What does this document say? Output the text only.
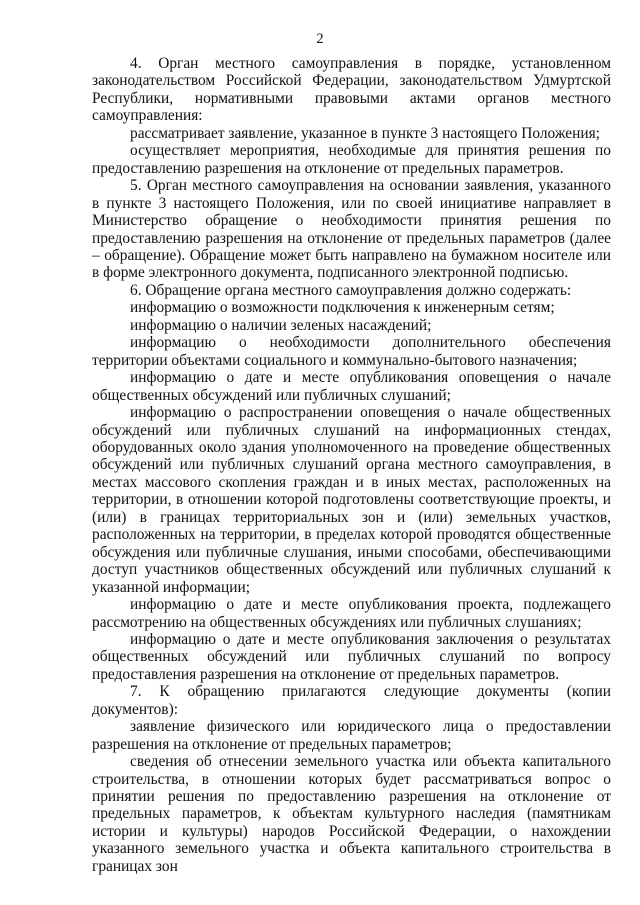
2

4. Орган местного самоуправления в порядке, установленном законодательством Российской Федерации, законодательством Удмуртской Республики, нормативными правовыми актами органов местного самоуправления:

рассматривает заявление, указанное в пункте 3 настоящего Положения;

осуществляет мероприятия, необходимые для принятия решения по предоставлению разрешения на отклонение от предельных параметров.

5. Орган местного самоуправления на основании заявления, указанного в пункте 3 настоящего Положения, или по своей инициативе направляет в Министерство обращение о необходимости принятия решения по предоставлению разрешения на отклонение от предельных параметров (далее – обращение). Обращение может быть направлено на бумажном носителе или в форме электронного документа, подписанного электронной подписью.

6. Обращение органа местного самоуправления должно содержать:

информацию о возможности подключения к инженерным сетям;

информацию о наличии зеленых насаждений;

информацию о необходимости дополнительного обеспечения территории объектами социального и коммунально-бытового назначения;

информацию о дате и месте опубликования оповещения о начале общественных обсуждений или публичных слушаний;

информацию о распространении оповещения о начале общественных обсуждений или публичных слушаний на информационных стендах, оборудованных около здания уполномоченного на проведение общественных обсуждений или публичных слушаний органа местного самоуправления, в местах массового скопления граждан и в иных местах, расположенных на территории, в отношении которой подготовлены соответствующие проекты, и (или) в границах территориальных зон и (или) земельных участков, расположенных на территории, в пределах которой проводятся общественные обсуждения или публичные слушания, иными способами, обеспечивающими доступ участников общественных обсуждений или публичных слушаний к указанной информации;

информацию о дате и месте опубликования проекта, подлежащего рассмотрению на общественных обсуждениях или публичных слушаниях;

информацию о дате и месте опубликования заключения о результатах общественных обсуждений или публичных слушаний по вопросу предоставления разрешения на отклонение от предельных параметров.

7. К обращению прилагаются следующие документы (копии документов):

заявление физического или юридического лица о предоставлении разрешения на отклонение от предельных параметров;

сведения об отнесении земельного участка или объекта капитального строительства, в отношении которых будет рассматриваться вопрос о принятии решения по предоставлению разрешения на отклонение от предельных параметров, к объектам культурного наследия (памятникам истории и культуры) народов Российской Федерации, о нахождении указанного земельного участка и объекта капитального строительства в границах зон
